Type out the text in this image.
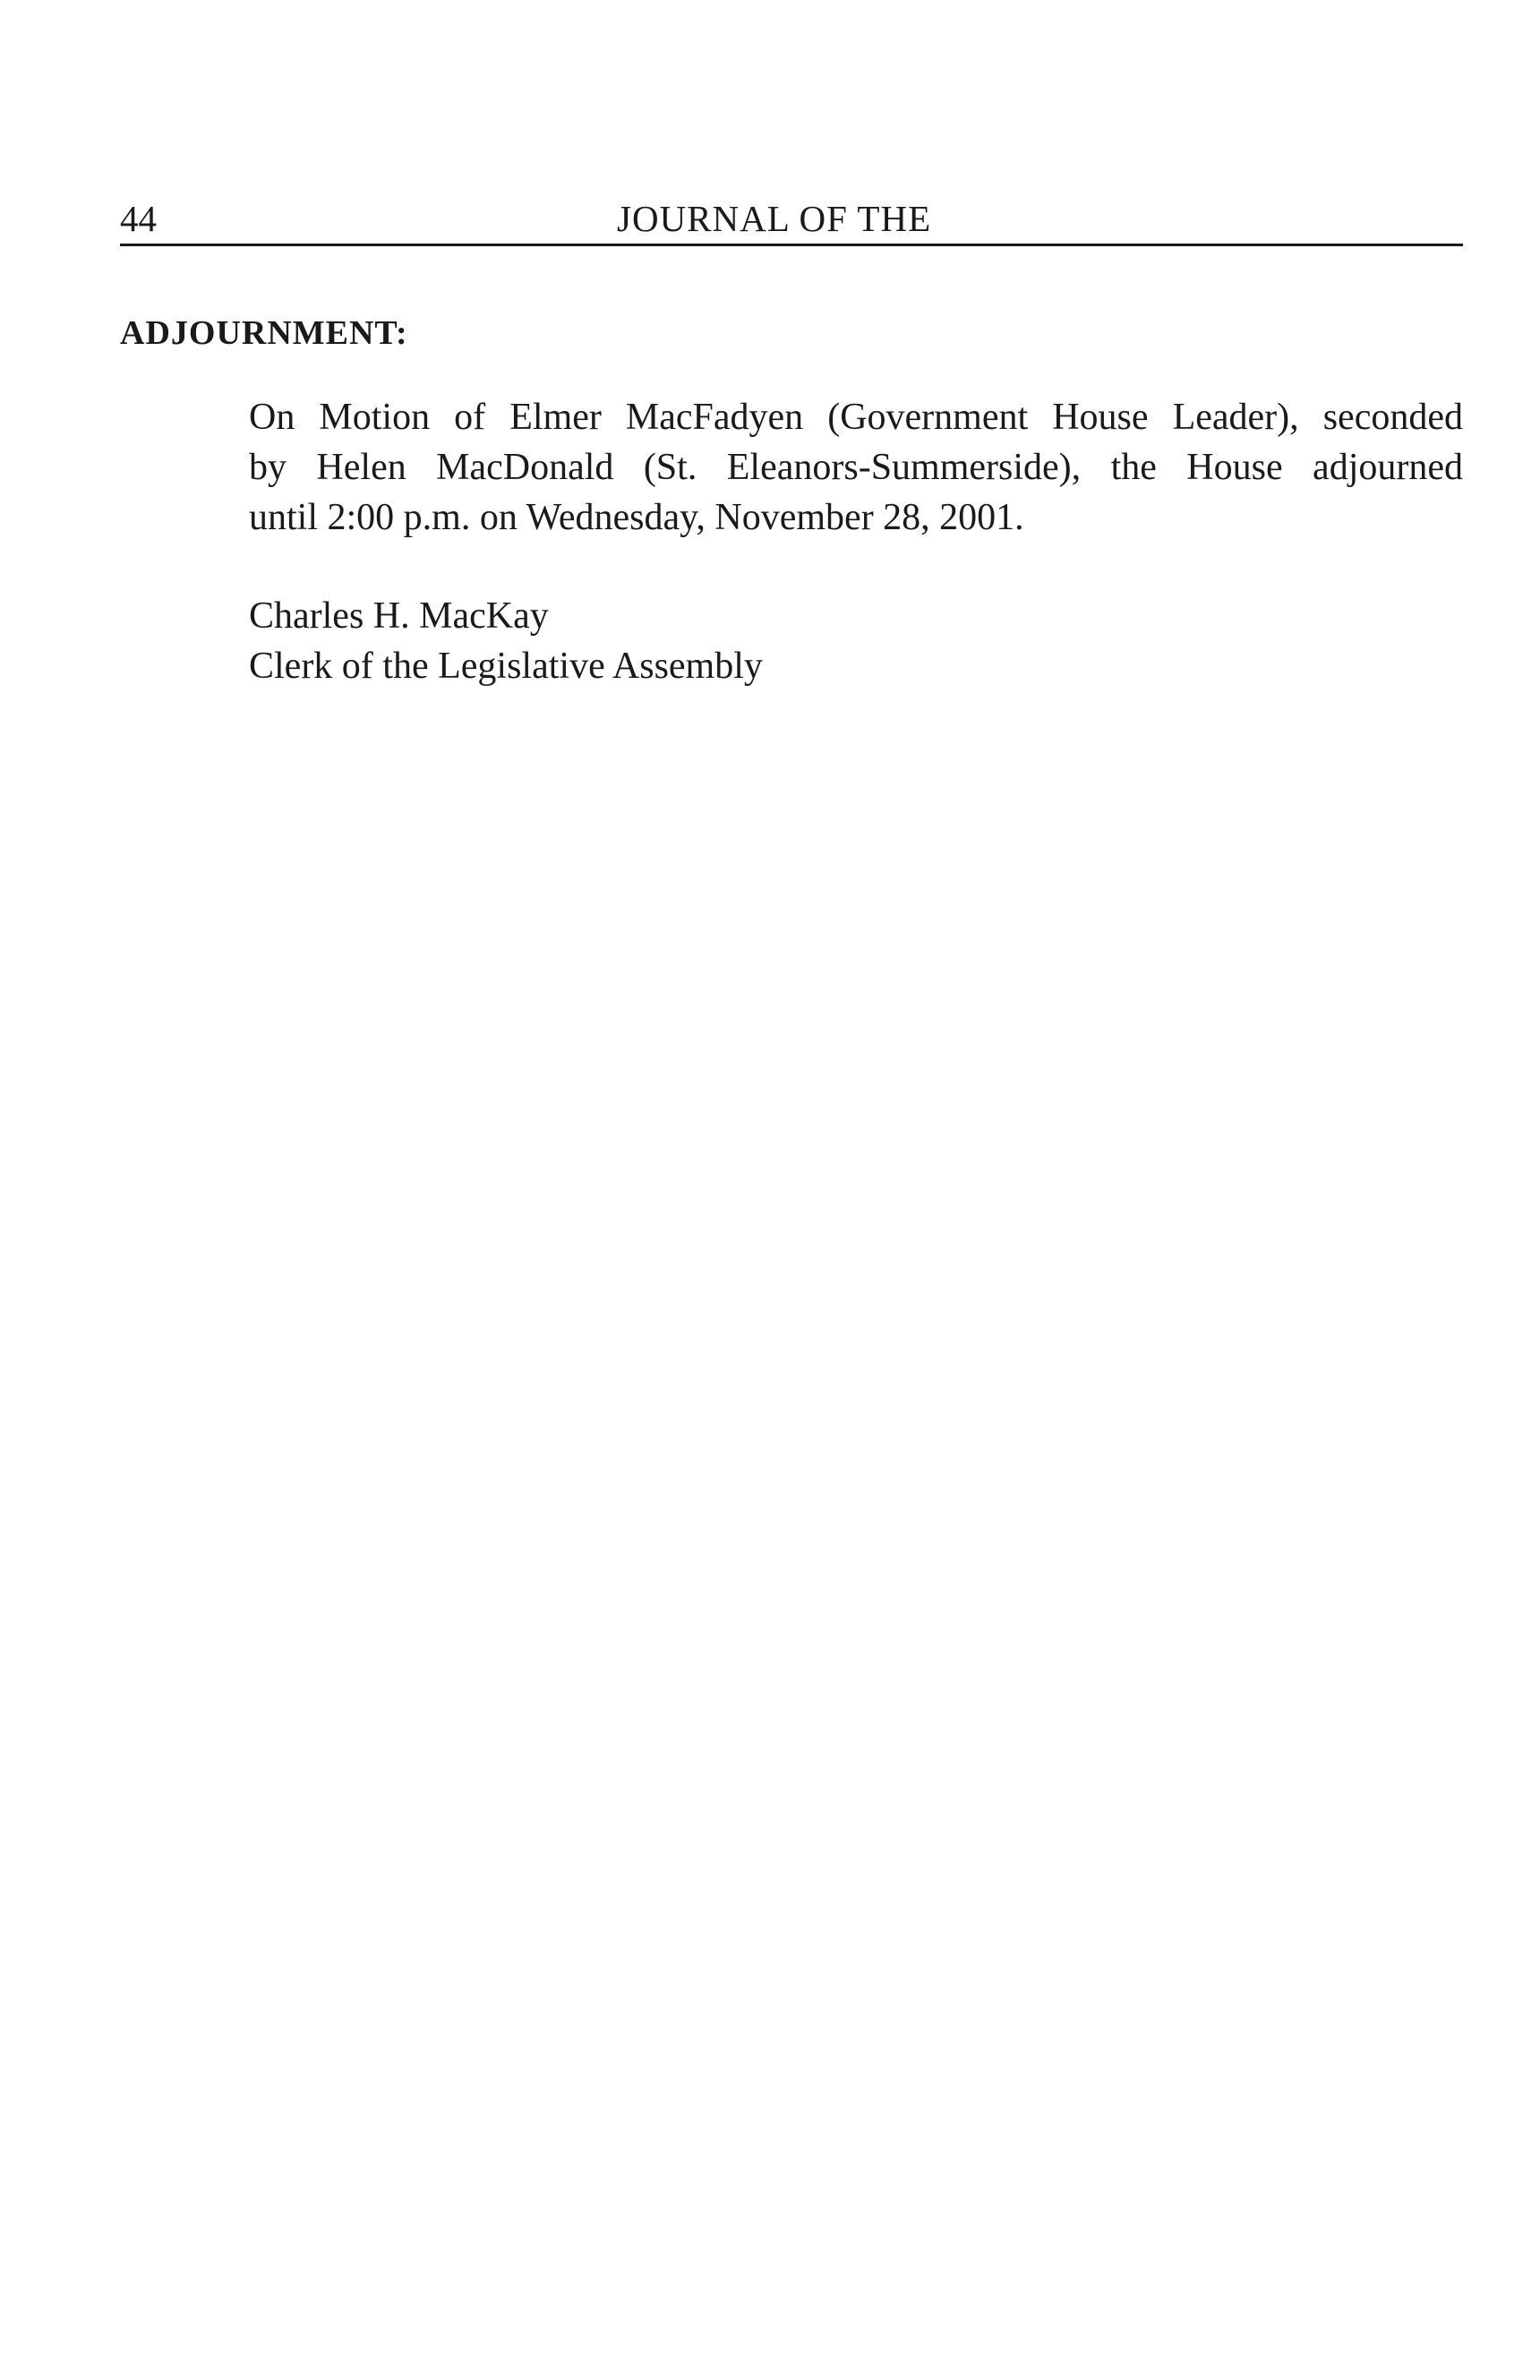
44	JOURNAL OF THE
ADJOURNMENT:

On Motion of Elmer MacFadyen (Government House Leader), seconded
by Helen MacDonald (St. Eleanors-Summerside), the House adjourned
until 2:00 p.m. on Wednesday, November 28, 2001.

Charles H. MacKay
Clerk of the Legislative Assembly
